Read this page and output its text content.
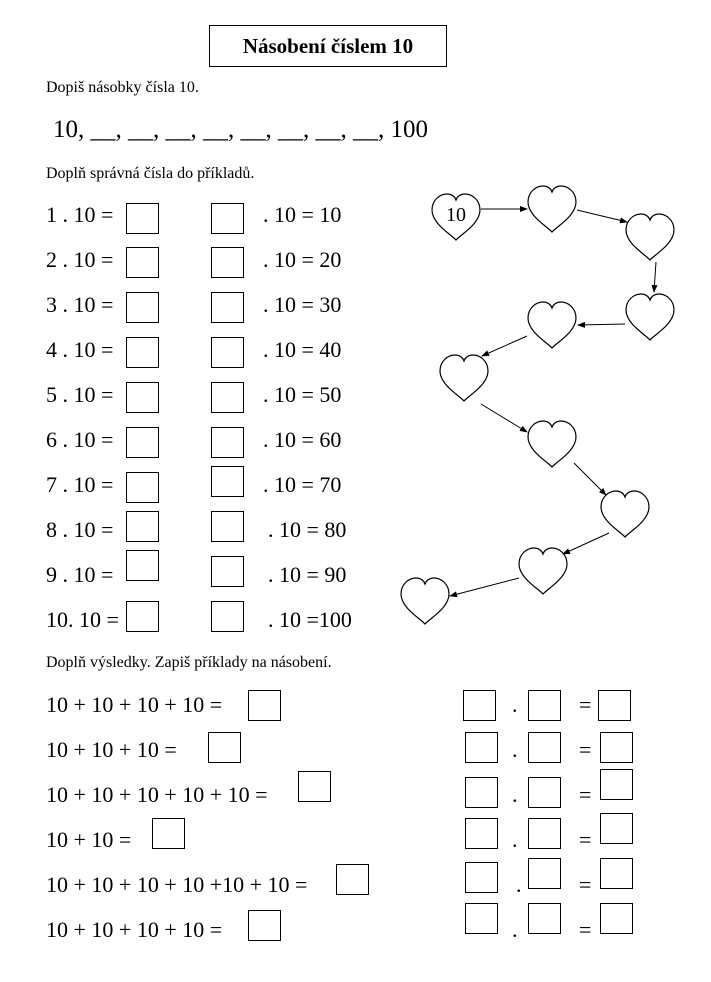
Násobení číslem 10
Dopiš násobky čísla 10.
10, __, __, __, __, __, __, __, __, 100
Doplň správná čísla do příkladů.
1 . 10 =	. 10 = 10
2 . 10 =	. 10 = 20
3 . 10 =	. 10 = 30
4 . 10 =	. 10 = 40
5 . 10 =	. 10 = 50
6 . 10 =	. 10 = 60
7 . 10 =	. 10 = 70
8 . 10 =	. 10 = 80
9 . 10 =	. 10 = 90
10. 10 =	. 10 =100
10
Doplň výsledky. Zapiš příklady na násobení.
10 + 10 + 10 + 10 =	.	=
10 + 10 + 10 =	.	=
10 + 10 + 10 + 10 + 10 =	.	=
10 + 10 =	.	=
10 + 10 + 10 + 10 +10 + 10 =	.	=
10 + 10 + 10 + 10 =	.	=
